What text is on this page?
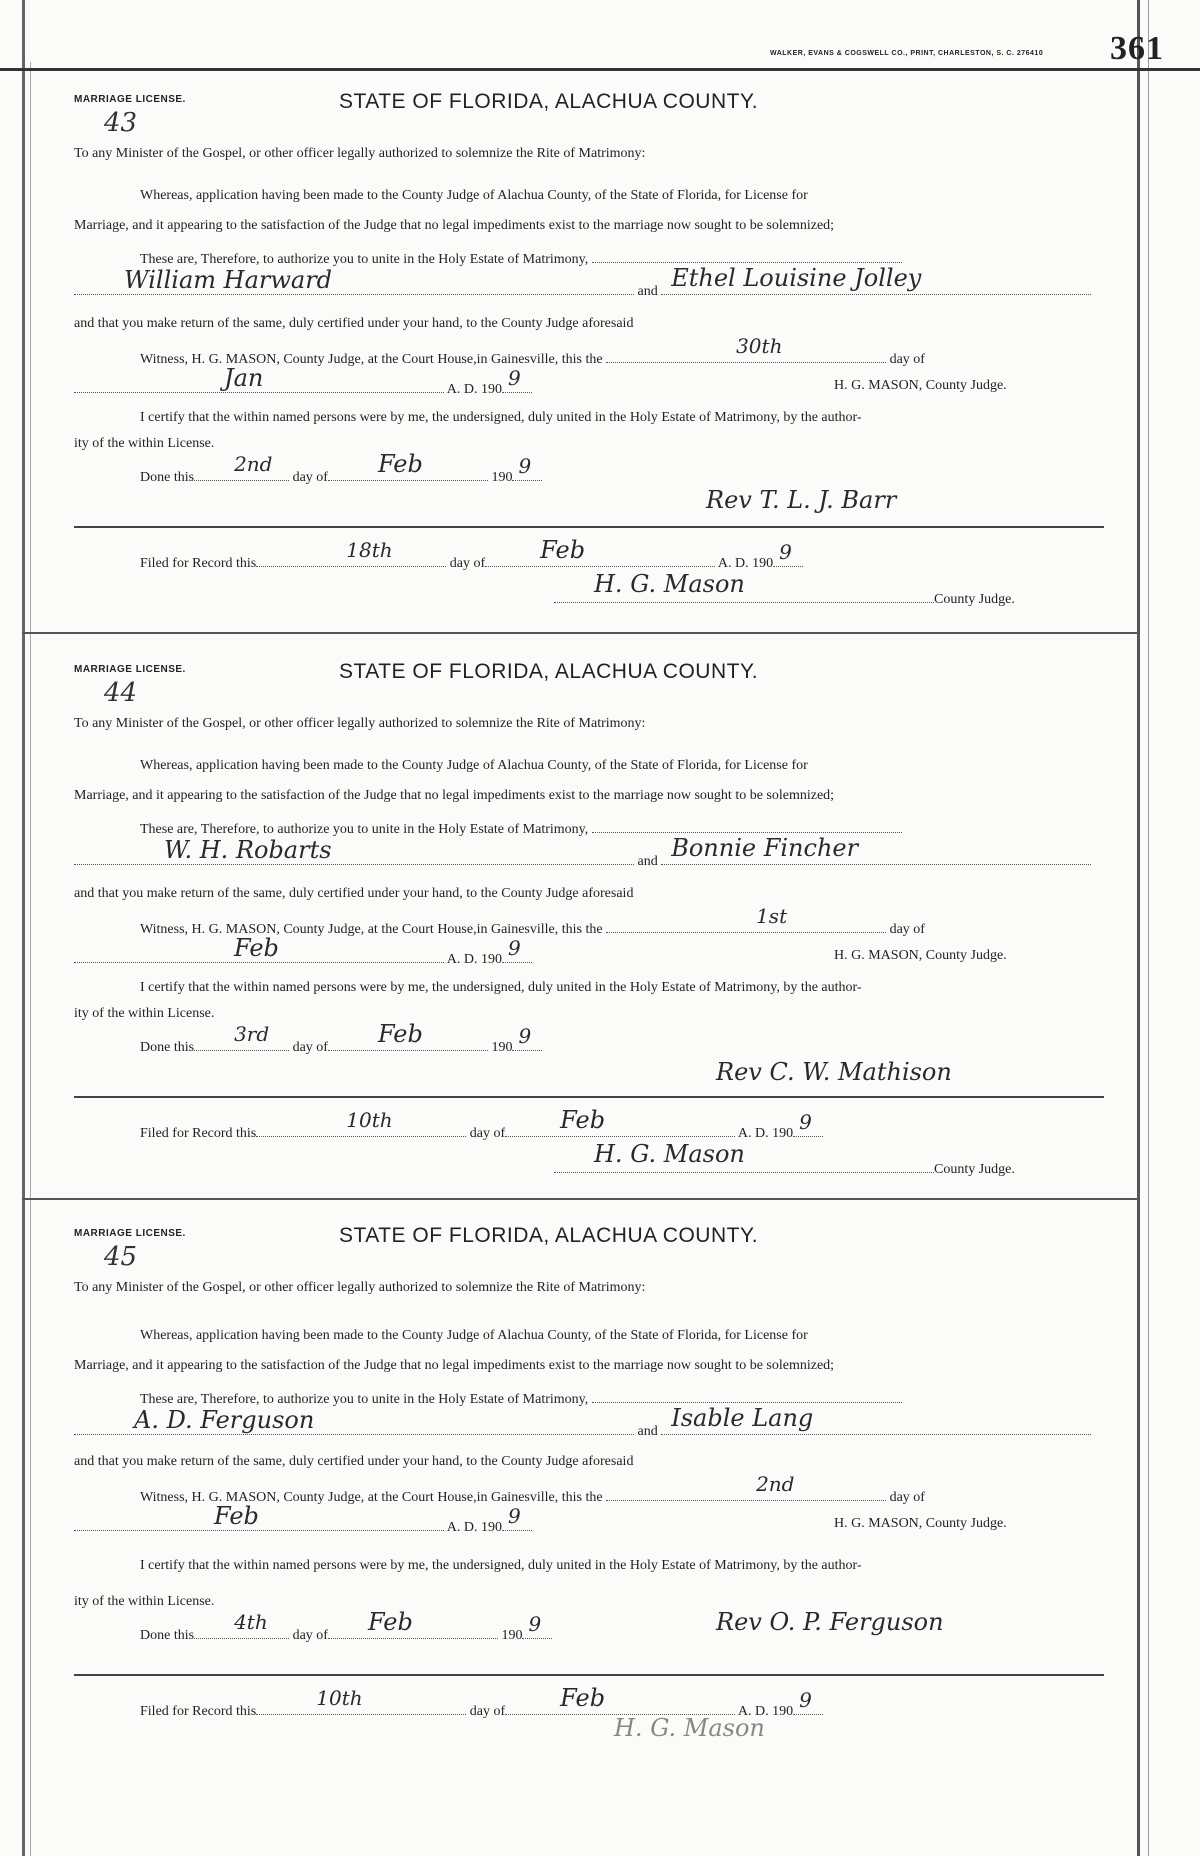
WALKER, EVANS & COGSWELL CO., PRINT, CHARLESTON, S. C. 276410 361
MARRIAGE LICENSE.
43
STATE OF FLORIDA, ALACHUA COUNTY.
To any Minister of the Gospel, or other officer legally authorized to solemnize the Rite of Matrimony:
Whereas, application having been made to the County Judge of Alachua County, of the State of Florida, for License for
Marriage, and it appearing to the satisfaction of the Judge that no legal impediments exist to the marriage now sought to be solemnized;
These are, Therefore, to authorize you to unite in the Holy Estate of Matrimony,
William Harward	and Ethel Louisine Jolley
and that you make return of the same, duly certified under your hand, to the County Judge aforesaid
Witness, H. G. MASON, County Judge, at the Court House,in Gainesville, this the
30th
day of
Jan	A. D. 190 9	H. G. MASON, County Judge.
I certify that the within named persons were by me, the undersigned, duly united in the Holy Estate of Matrimony, by the author-
ity of the within License.
Done this
2nd
day of Feb	190 9
Rev T. L. J. Barr
Filed for Record this
18th
day of Feb	A. D. 190 9
H. G. Mason
County Judge.
MARRIAGE LICENSE.
44
STATE OF FLORIDA, ALACHUA COUNTY.
To any Minister of the Gospel, or other officer legally authorized to solemnize the Rite of Matrimony:
Whereas, application having been made to the County Judge of Alachua County, of the State of Florida, for License for
Marriage, and it appearing to the satisfaction of the Judge that no legal impediments exist to the marriage now sought to be solemnized;
These are, Therefore, to authorize you to unite in the Holy Estate of Matrimony,
W. H. Robarts	and Bonnie Fincher
and that you make return of the same, duly certified under your hand, to the County Judge aforesaid
Witness, H. G. MASON, County Judge, at the Court House,in Gainesville, this the
1st
day of
Feb	A. D. 190 9	H. G. MASON, County Judge.
I certify that the within named persons were by me, the undersigned, duly united in the Holy Estate of Matrimony, by the author-
ity of the within License.
Done this
3rd
day of Feb	190 9
Rev C. W. Mathison
Filed for Record this
10th
day of Feb	A. D. 190 9
H. G. Mason
County Judge.
MARRIAGE LICENSE.
45
STATE OF FLORIDA, ALACHUA COUNTY.
To any Minister of the Gospel, or other officer legally authorized to solemnize the Rite of Matrimony:
Whereas, application having been made to the County Judge of Alachua County, of the State of Florida, for License for
Marriage, and it appearing to the satisfaction of the Judge that no legal impediments exist to the marriage now sought to be solemnized;
These are, Therefore, to authorize you to unite in the Holy Estate of Matrimony,
A. D. Ferguson	and Isable Lang
and that you make return of the same, duly certified under your hand, to the County Judge aforesaid
Witness, H. G. MASON, County Judge, at the Court House,in Gainesville, this the
2nd
day of
Feb	A. D. 190 9	H. G. MASON, County Judge.
I certify that the within named persons were by me, the undersigned, duly united in the Holy Estate of Matrimony, by the author-
ity of the within License.
Done this
4th
day of Feb	190 9	Rev O. P. Ferguson
Filed for Record this
10th
day of Feb	A. D. 190 9
H. G. Mason
